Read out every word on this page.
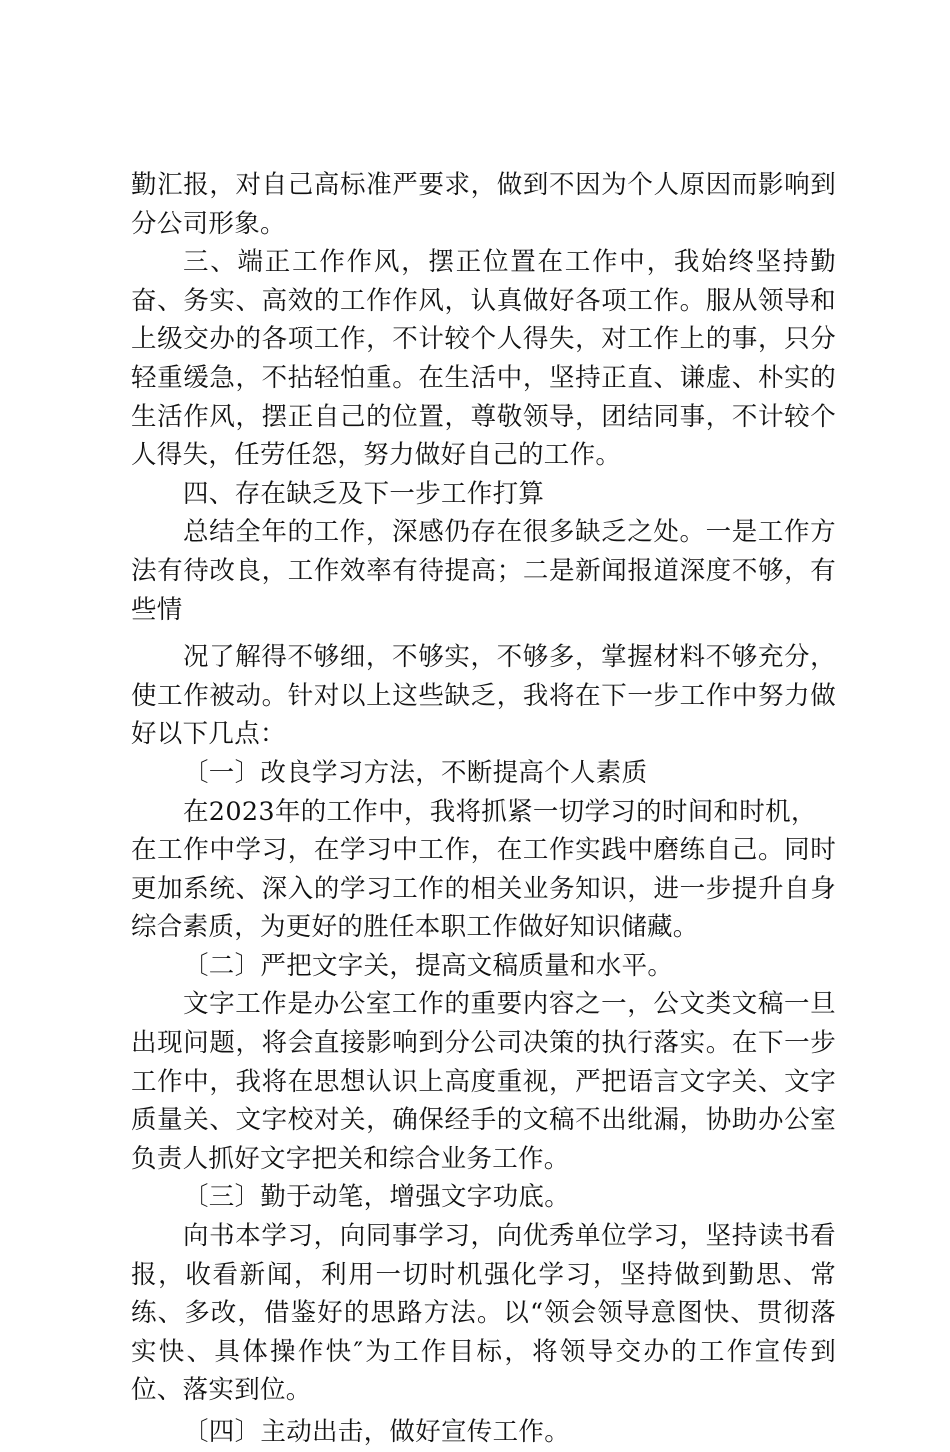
勤汇报，对自己高标准严要求，做到不因为个人原因而影响到分公司形象。

三、端正工作作风，摆正位置在工作中，我始终坚持勤奋、务实、高效的工作作风，认真做好各项工作。服从领导和上级交办的各项工作，不计较个人得失，对工作上的事，只分轻重缓急，不拈轻怕重。在生活中，坚持正直、谦虚、朴实的生活作风，摆正自己的位置，尊敬领导，团结同事，不计较个人得失，任劳任怨，努力做好自己的工作。

四、存在缺乏及下一步工作打算

总结全年的工作，深感仍存在很多缺乏之处。一是工作方法有待改良，工作效率有待提高；二是新闻报道深度不够，有些情

况了解得不够细，不够实，不够多，掌握材料不够充分，使工作被动。针对以上这些缺乏，我将在下一步工作中努力做好以下几点：

〔一〕改良学习方法，不断提高个人素质

在2023年的工作中，我将抓紧一切学习的时间和时机，

在工作中学习，在学习中工作，在工作实践中磨练自己。同时更加系统、深入的学习工作的相关业务知识，进一步提升自身综合素质，为更好的胜任本职工作做好知识储藏。

〔二〕严把文字关，提高文稿质量和水平。

文字工作是办公室工作的重要内容之一，公文类文稿一旦出现问题，将会直接影响到分公司决策的执行落实。在下一步工作中，我将在思想认识上高度重视，严把语言文字关、文字质量关、文字校对关，确保经手的文稿不出纰漏，协助办公室负责人抓好文字把关和综合业务工作。

〔三〕勤于动笔，增强文字功底。

向书本学习，向同事学习，向优秀单位学习，坚持读书看报，收看新闻，利用一切时机强化学习，坚持做到勤思、常练、多改，借鉴好的思路方法。以“领会领导意图快、贯彻落实快、具体操作快″为工作目标，将领导交办的工作宣传到位、落实到位。

〔四〕主动出击，做好宣传工作。
